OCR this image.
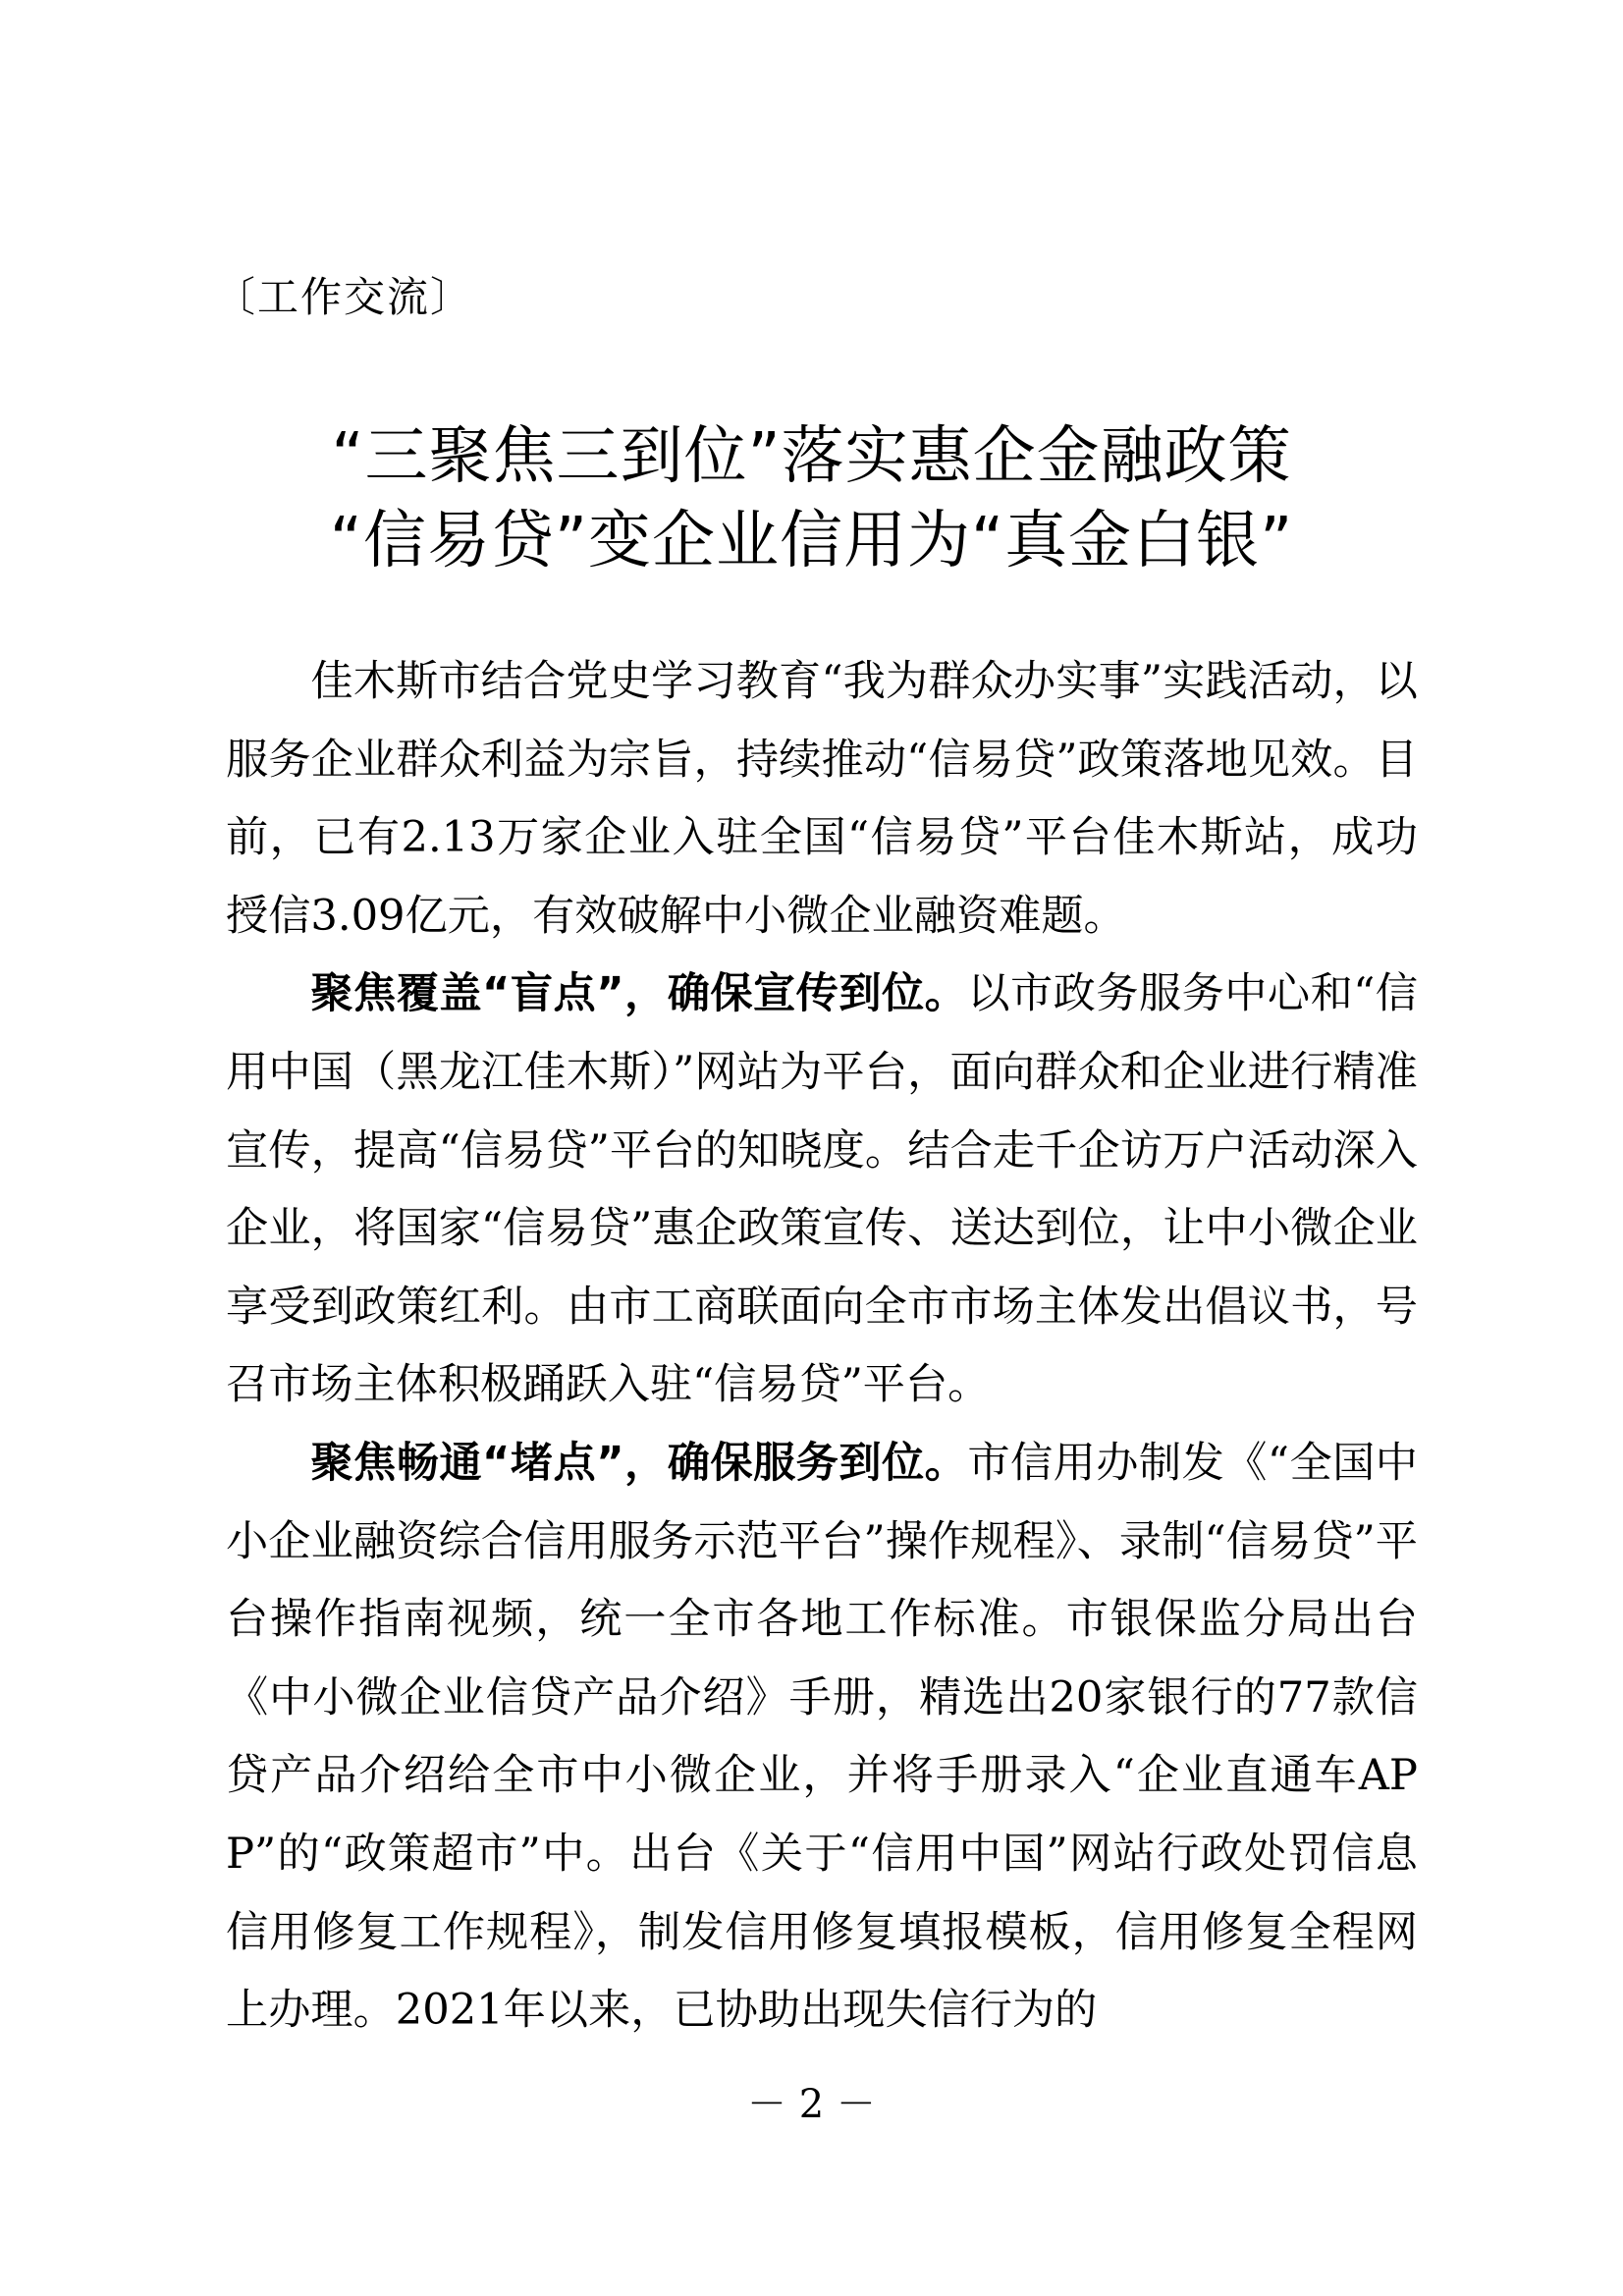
〔工作交流〕
“三聚焦三到位”落实惠企金融政策
“信易贷”变企业信用为“真金白银”

佳木斯市结合党史学习教育“我为群众办实事”实践活动，以服务企业群众利益为宗旨，持续推动“信易贷”政策落地见效。目前，已有2.13万家企业入驻全国“信易贷”平台佳木斯站，成功授信3.09亿元，有效破解中小微企业融资难题。

聚焦覆盖“盲点”，确保宣传到位。以市政务服务中心和“信用中国（黑龙江佳木斯）”网站为平台，面向群众和企业进行精准宣传，提高“信易贷”平台的知晓度。结合走千企访万户活动深入企业，将国家“信易贷”惠企政策宣传、送达到位，让中小微企业享受到政策红利。由市工商联面向全市市场主体发出倡议书，号召市场主体积极踊跃入驻“信易贷”平台。

聚焦畅通“堵点”，确保服务到位。市信用办制发《“全国中小企业融资综合信用服务示范平台”操作规程》、录制“信易贷”平台操作指南视频，统一全市各地工作标准。市银保监分局出台《中小微企业信贷产品介绍》手册，精选出20家银行的77款信贷产品介绍给全市中小微企业，并将手册录入“企业直通车APP”的“政策超市”中。出台《关于“信用中国”网站行政处罚信息信用修复工作规程》，制发信用修复填报模板，信用修复全程网上办理。2021年以来，已协助出现失信行为的

－ 2 －
